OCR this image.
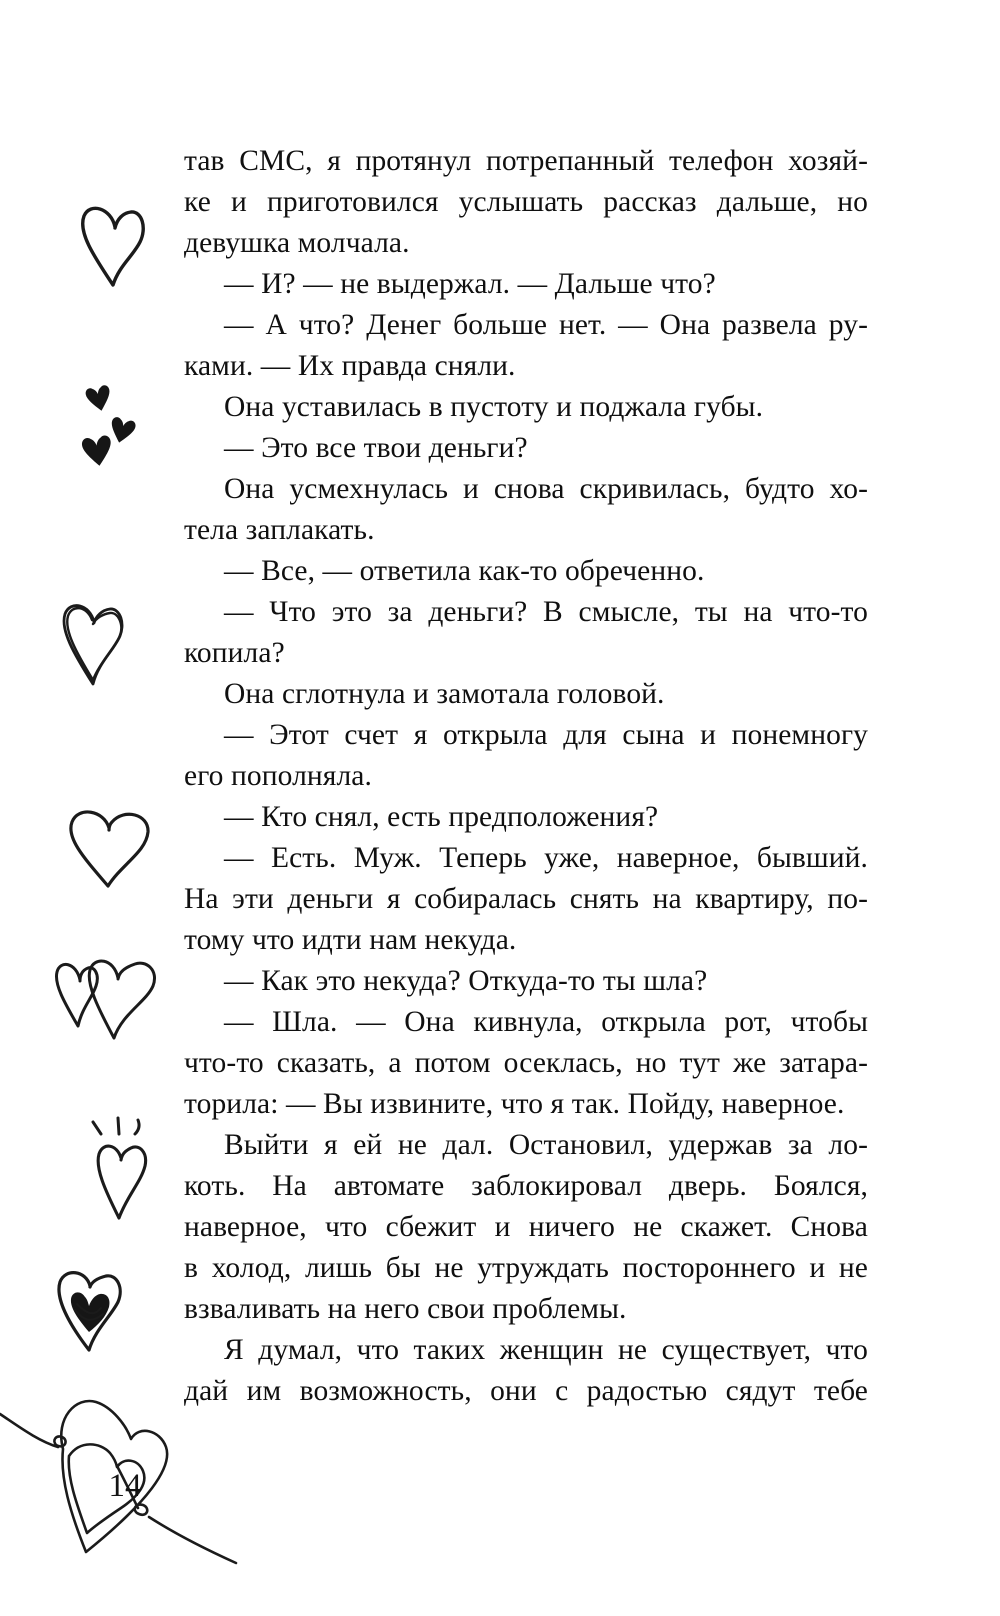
тав СМС, я протянул потрепанный телефон хозяй-
ке и приготовился услышать рассказ дальше, но
девушка молчала.
— И? — не выдержал. — Дальше что?
— А что? Денег больше нет. — Она развела ру-
ками. — Их правда сняли.
Она уставилась в пустоту и поджала губы.
— Это все твои деньги?
Она усмехнулась и снова скривилась, будто хо-
тела заплакать.
— Все, — ответила как-то обреченно.
— Что это за деньги? В смысле, ты на что-то
копила?
Она сглотнула и замотала головой.
— Этот счет я открыла для сына и понемногу
его пополняла.
— Кто снял, есть предположения?
— Есть. Муж. Теперь уже, наверное, бывший.
На эти деньги я собиралась снять на квартиру, по-
тому что идти нам некуда.
— Как это некуда? Откуда-то ты шла?
— Шла. — Она кивнула, открыла рот, чтобы
что-то сказать, а потом осеклась, но тут же затара-
торила: — Вы извините, что я так. Пойду, наверное.
Выйти я ей не дал. Остановил, удержав за ло-
коть. На автомате заблокировал дверь. Боялся,
наверное, что сбежит и ничего не скажет. Снова
в холод, лишь бы не утруждать постороннего и не
взваливать на него свои проблемы.
Я думал, что таких женщин не существует, что
дай им возможность, они с радостью сядут тебе
14
